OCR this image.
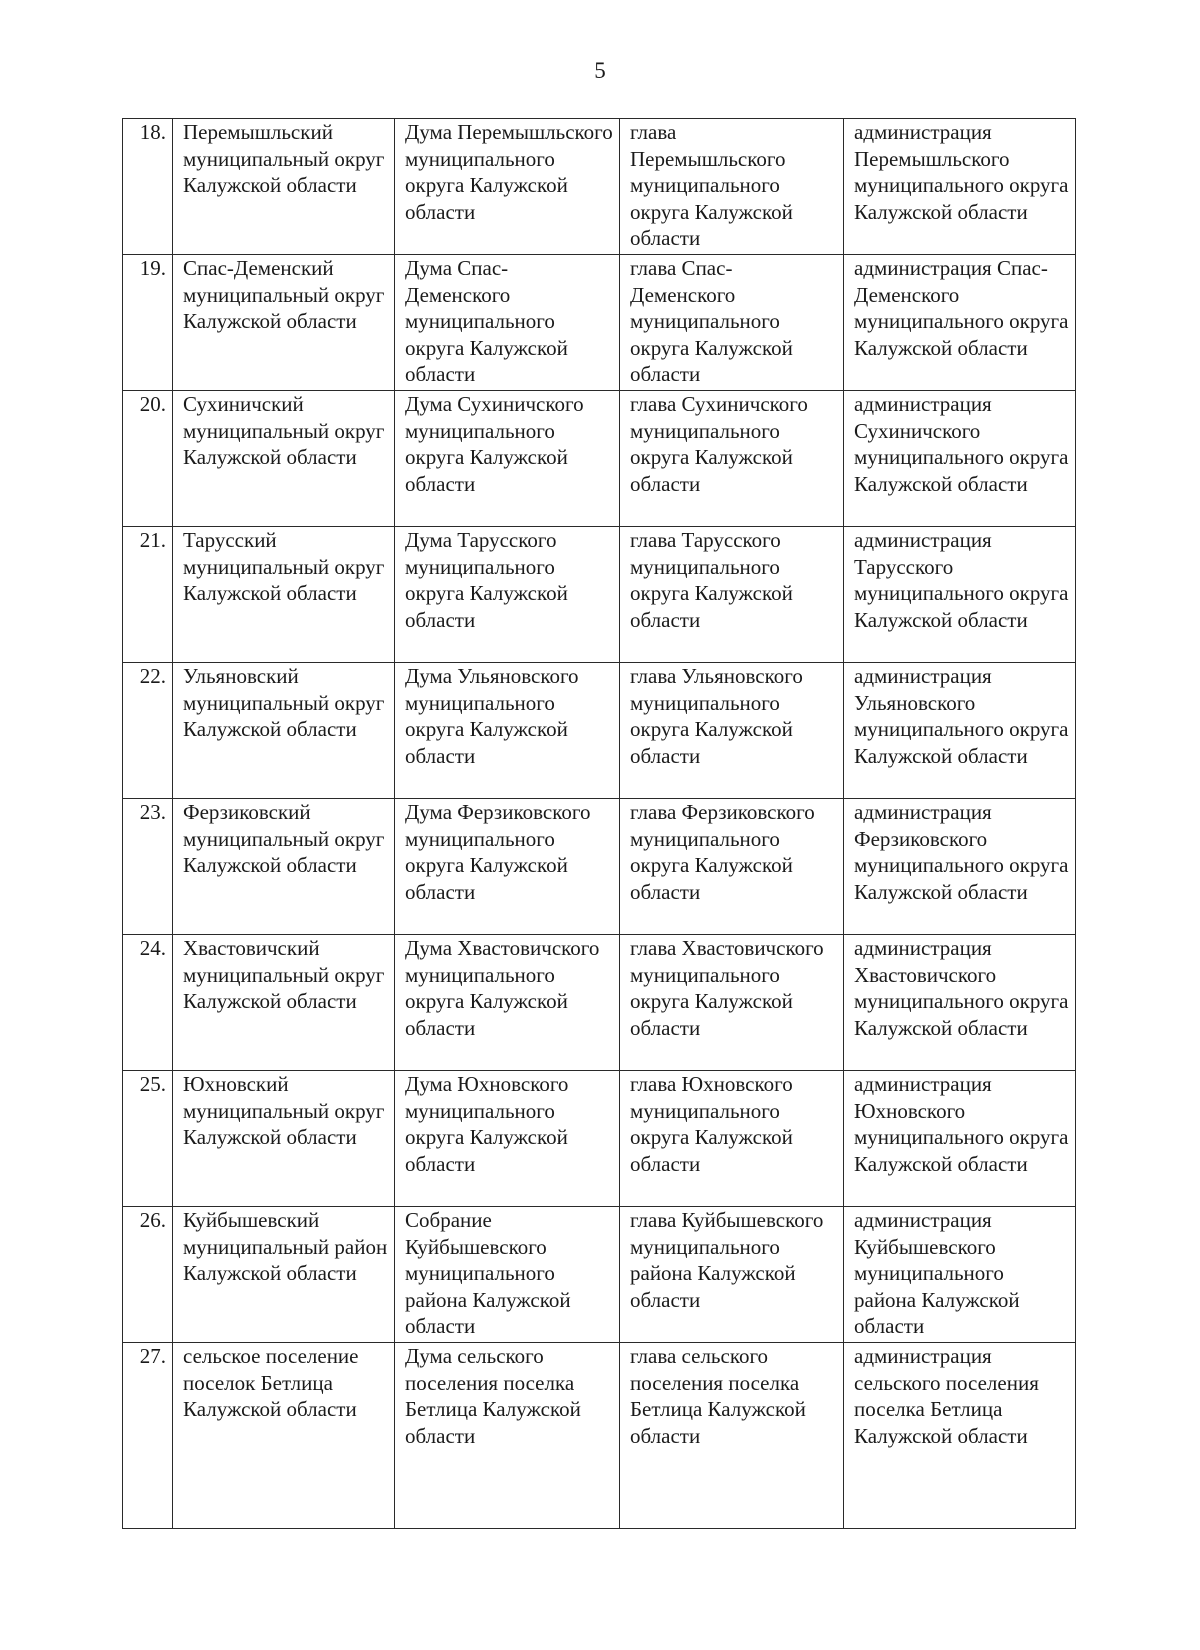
5
18.	Перемышльский муниципальный округ Калужской области	Дума Перемышльского муниципального округа Калужской области	глава Перемышльского муниципального округа Калужской области	администрация Перемышльского муниципального округа Калужской области
19.	Спас-Деменский муниципальный округ Калужской области	Дума Спас-Деменского муниципального округа Калужской области	глава Спас-Деменского муниципального округа Калужской области	администрация Спас-Деменского муниципального округа Калужской области
20.	Сухиничский муниципальный округ Калужской области	Дума Сухиничского муниципального округа Калужской области	глава Сухиничского муниципального округа Калужской области	администрация Сухиничского муниципального округа Калужской области
21.	Тарусский муниципальный округ Калужской области	Дума Тарусского муниципального округа Калужской области	глава Тарусского муниципального округа Калужской области	администрация Тарусского муниципального округа Калужской области
22.	Ульяновский муниципальный округ Калужской области	Дума Ульяновского муниципального округа Калужской области	глава Ульяновского муниципального округа Калужской области	администрация Ульяновского муниципального округа Калужской области
23.	Ферзиковский муниципальный округ Калужской области	Дума Ферзиковского муниципального округа Калужской области	глава Ферзиковского муниципального округа Калужской области	администрация Ферзиковского муниципального округа Калужской области
24.	Хвастовичский муниципальный округ Калужской области	Дума Хвастовичского муниципального округа Калужской области	глава Хвастовичского муниципального округа Калужской области	администрация Хвастовичского муниципального округа Калужской области
25.	Юхновский муниципальный округ Калужской области	Дума Юхновского муниципального округа Калужской области	глава Юхновского муниципального округа Калужской области	администрация Юхновского муниципального округа Калужской области
26.	Куйбышевский муниципальный район Калужской области	Собрание Куйбышевского муниципального района Калужской области	глава Куйбышевского муниципального района Калужской области	администрация Куйбышевского муниципального района Калужской области
27.	сельское поселение поселок Бетлица Калужской области	Дума сельского поселения поселка Бетлица Калужской области	глава сельского поселения поселка Бетлица Калужской области	администрация сельского поселения поселка Бетлица Калужской области
